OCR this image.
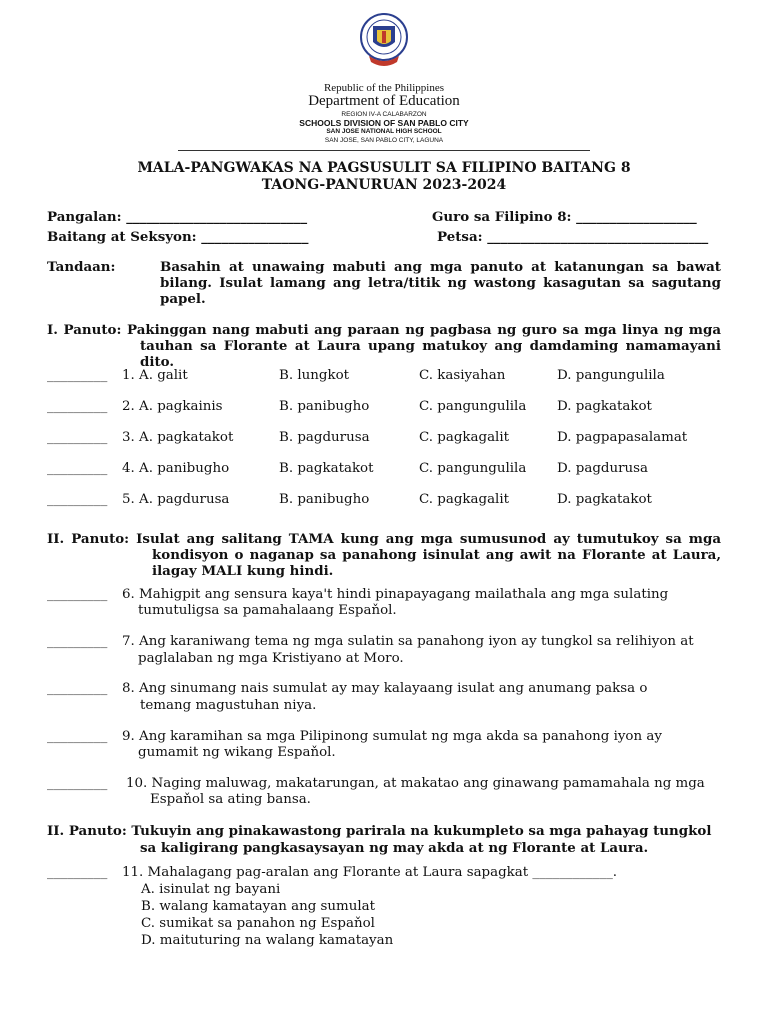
Republic of the Philippines
Department of Education
REGION IV-A CALABARZON
SCHOOLS DIVISION OF SAN PABLO CITY
SAN JOSE NATIONAL HIGH SCHOOL
SAN JOSE, SAN PABLO CITY, LAGUNA
MALA-PANGWAKAS NA PAGSUSULIT SA FILIPINO BAITANG 8
TAONG-PANURUAN 2023-2024
Pangalan: ___________________________	Guro sa Filipino 8: __________________
Baitang at Seksyon: ________________	Petsa: _________________________________
Tandaan:	Basahin at unawaing mabuti ang mga panuto at katanungan sa bawat bilang. Isulat lamang ang letra/titik ng wastong kasagutan sa sagutang papel.
I. Panuto: Pakinggan nang mabuti ang paraan ng pagbasa ng guro sa mga linya ng mga tauhan sa Florante at Laura upang matukoy ang damdaming namamayani dito.
_________ 1. A. galit	B. lungkot	C. kasiyahan	D. pangungulila
_________ 2. A. pagkainis	B. panibugho	C. pangungulila D. pagkatakot
_________ 3. A. pagkatakot	B. pagdurusa	C. pagkagalit	D. pagpapasalamat
_________ 4. A. panibugho	B. pagkatakot	C. pangungulila D. pagdurusa
_________ 5. A. pagdurusa	B. panibugho	C. pagkagalit	D. pagkatakot
II. Panuto: Isulat ang salitang TAMA kung ang mga sumusunod ay tumutukoy sa mga kondisyon o naganap sa panahong isinulat ang awit na Florante at Laura, ilagay MALI kung hindi.
_________ 6. Mahigpit ang sensura kaya't hindi pinapayagang mailathala ang mga sulating
tumutuligsa sa pamahalaang Espaňol.
_________ 7. Ang karaniwang tema ng mga sulatin sa panahong iyon ay tungkol sa relihiyon at
paglalaban ng mga Kristiyano at Moro.
_________ 8. Ang sinumang nais sumulat ay may kalayaang isulat ang anumang paksa o
temang magustuhan niya.
_________ 9. Ang karamihan sa mga Pilipinong sumulat ng mga akda sa panahong iyon ay
gumamit ng wikang Espaňol.
_________ 10. Naging maluwag, makatarungan, at makatao ang ginawang pamamahala ng mga
Espaňol sa ating bansa.
II. Panuto: Tukuyin ang pinakawastong parirala na kukumpleto sa mga pahayag tungkol
sa kaligirang pangkasaysayan ng may akda at ng Florante at Laura.
_________ 11. Mahalagang pag-aralan ang Florante at Laura sapagkat ____________.
A. isinulat ng bayani
B. walang kamatayan ang sumulat
C. sumikat sa panahon ng Espaňol
D. maituturing na walang kamatayan
